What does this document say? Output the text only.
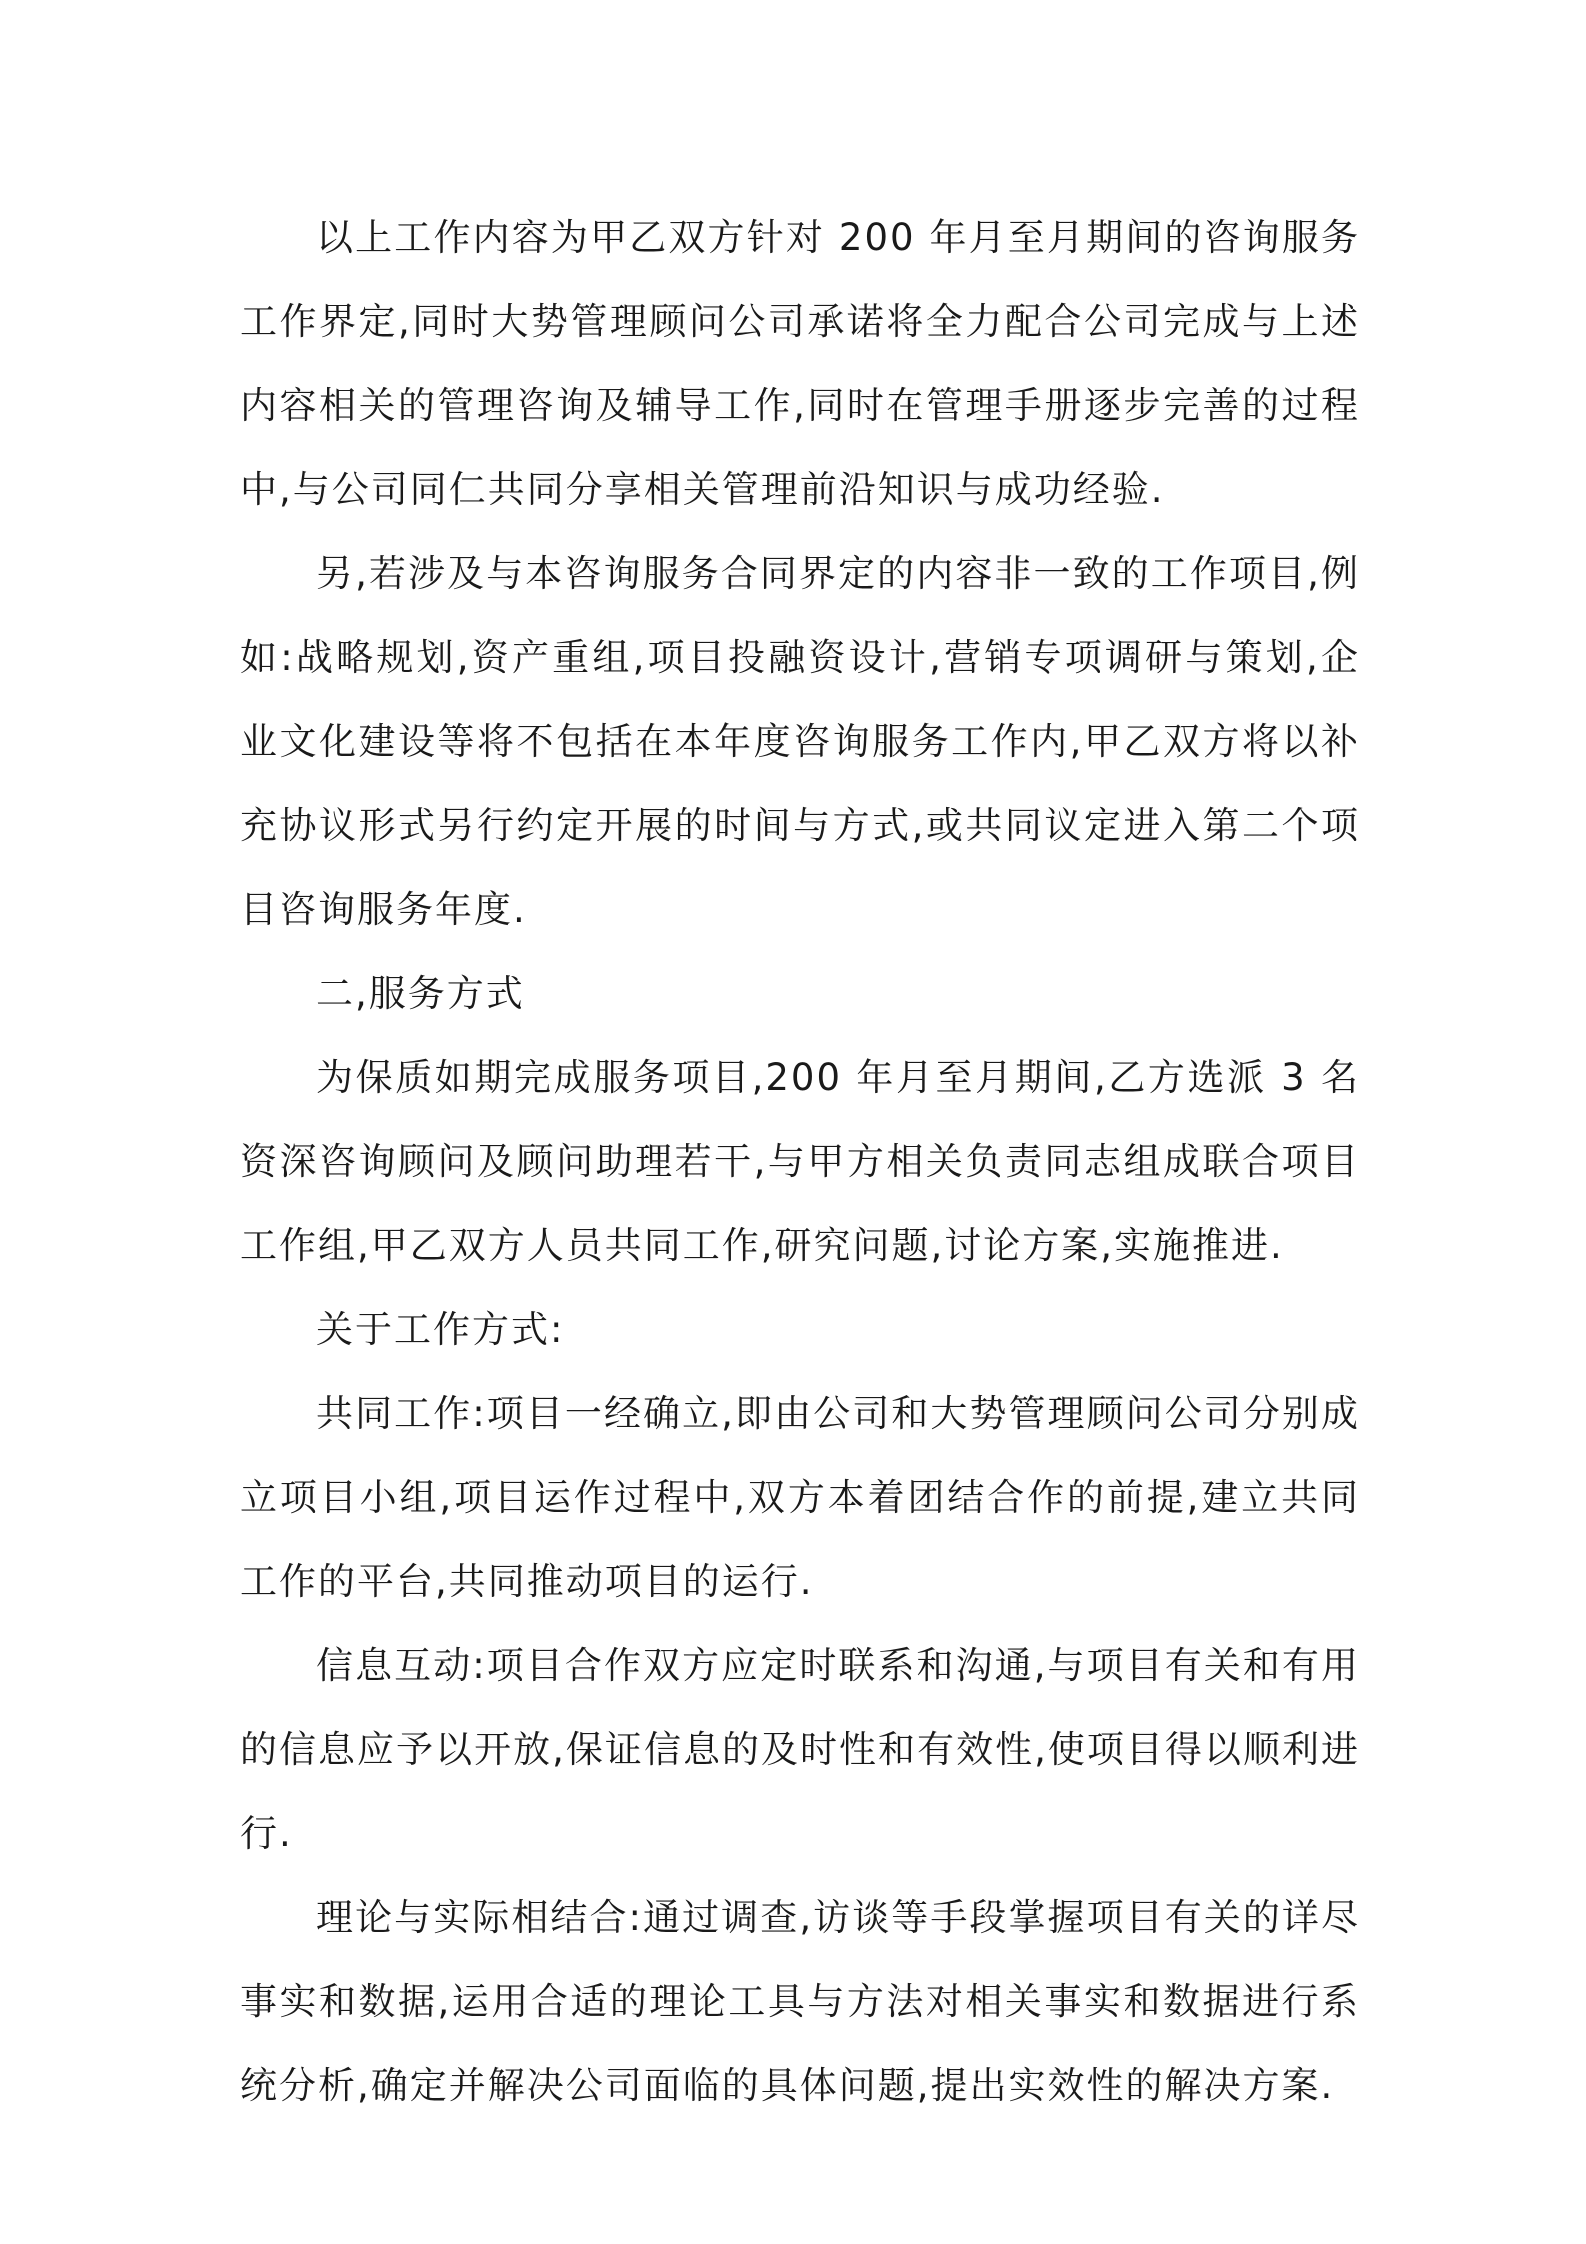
以上工作内容为甲乙双方针对 200 年月至月期间的咨询服务工作界定,同时大势管理顾问公司承诺将全力配合公司完成与上述内容相关的管理咨询及辅导工作,同时在管理手册逐步完善的过程中,与公司同仁共同分享相关管理前沿知识与成功经验.

另,若涉及与本咨询服务合同界定的内容非一致的工作项目,例如:战略规划,资产重组,项目投融资设计,营销专项调研与策划,企业文化建设等将不包括在本年度咨询服务工作内,甲乙双方将以补充协议形式另行约定开展的时间与方式,或共同议定进入第二个项目咨询服务年度.

二,服务方式

为保质如期完成服务项目,200 年月至月期间,乙方选派 3 名资深咨询顾问及顾问助理若干,与甲方相关负责同志组成联合项目工作组,甲乙双方人员共同工作,研究问题,讨论方案,实施推进.

关于工作方式:

共同工作:项目一经确立,即由公司和大势管理顾问公司分别成立项目小组,项目运作过程中,双方本着团结合作的前提,建立共同工作的平台,共同推动项目的运行.

信息互动:项目合作双方应定时联系和沟通,与项目有关和有用的信息应予以开放,保证信息的及时性和有效性,使项目得以顺利进行.

理论与实际相结合:通过调查,访谈等手段掌握项目有关的详尽事实和数据,运用合适的理论工具与方法对相关事实和数据进行系统分析,确定并解决公司面临的具体问题,提出实效性的解决方案.
